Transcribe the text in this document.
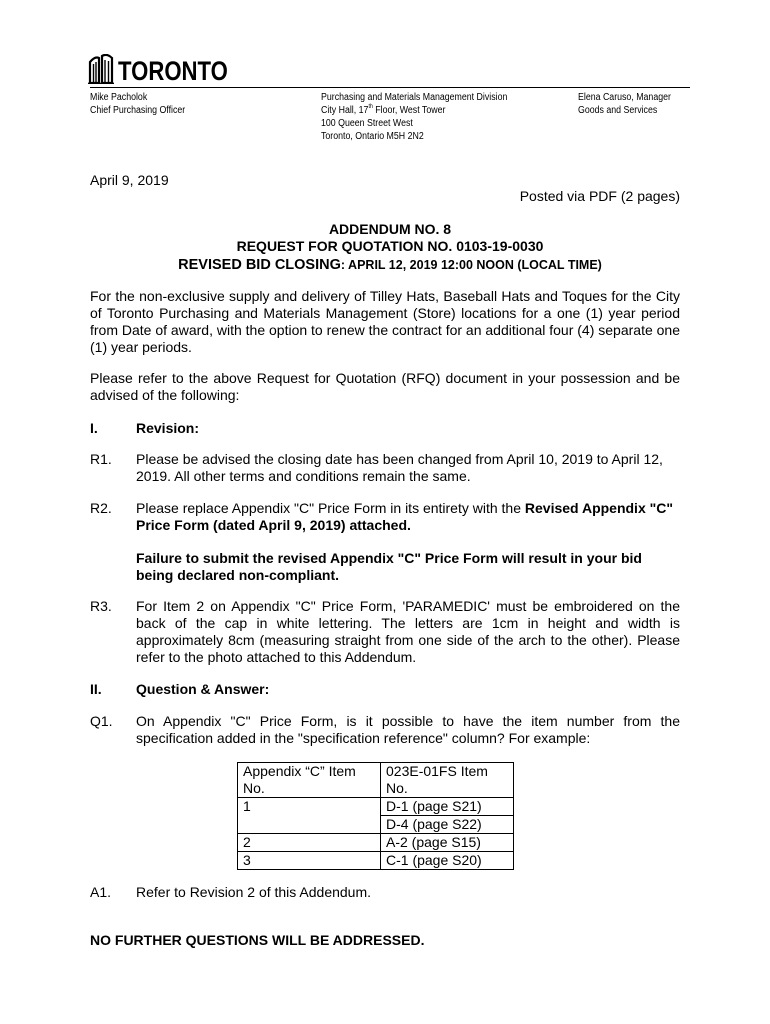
TORONTO
Mike Pacholok
Chief Purchasing Officer
Purchasing and Materials Management Division
City Hall, 17th Floor, West Tower
100 Queen Street West
Toronto, Ontario M5H 2N2
Elena Caruso, Manager
Goods and Services
April 9, 2019
Posted via PDF (2 pages)
ADDENDUM NO. 8
REQUEST FOR QUOTATION NO. 0103-19-0030
REVISED BID CLOSING: APRIL 12, 2019 12:00 NOON (LOCAL TIME)
For the non-exclusive supply and delivery of Tilley Hats, Baseball Hats and Toques for the City of Toronto Purchasing and Materials Management (Store) locations for a one (1) year period from Date of award, with the option to renew the contract for an additional four (4) separate one (1) year periods.
Please refer to the above Request for Quotation (RFQ) document in your possession and be advised of the following:
I.	Revision:
R1. Please be advised the closing date has been changed from April 10, 2019 to April 12, 2019. All other terms and conditions remain the same.
R2. Please replace Appendix "C" Price Form in its entirety with the Revised Appendix "C" Price Form (dated April 9, 2019) attached.
Failure to submit the revised Appendix "C" Price Form will result in your bid being declared non-compliant.
R3. For Item 2 on Appendix "C" Price Form, 'PARAMEDIC' must be embroidered on the back of the cap in white lettering. The letters are 1cm in height and width is approximately 8cm (measuring straight from one side of the arch to the other). Please refer to the photo attached to this Addendum.
II. Question & Answer:
Q1. On Appendix "C" Price Form, is it possible to have the item number from the specification added in the "specification reference" column? For example:
Appendix “C” Item No.	023E-01FS Item No.
1	D-1 (page S21)
	D-4 (page S22)
2	A-2 (page S15)
3	C-1 (page S20)
A1. Refer to Revision 2 of this Addendum.
NO FURTHER QUESTIONS WILL BE ADDRESSED.
